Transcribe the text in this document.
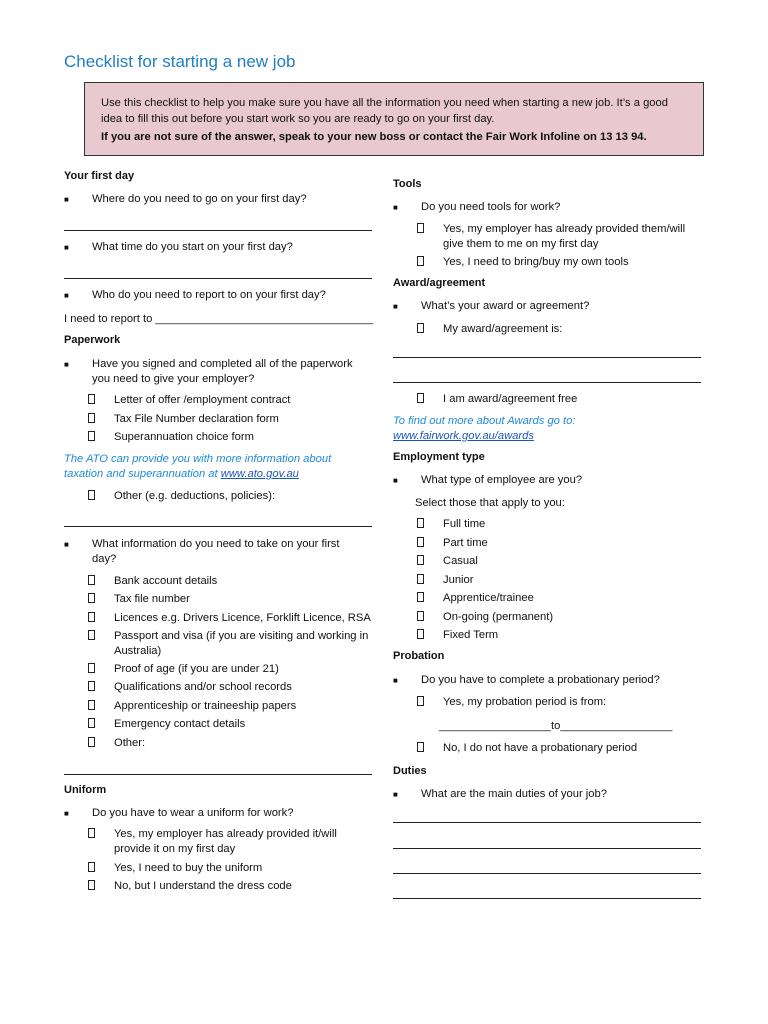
Checklist for starting a new job

Use this checklist to help you make sure you have all the information you need when starting a new job. It’s a good idea to fill this out before you start work so you are ready to go on your first day.

If you are not sure of the answer, speak to your new boss or contact the Fair Work Infoline on 13 13 94.

Your first day
■ Where do you need to go on your first day?
■ What time do you start on your first day?
■ Who do you need to report to on your first day?
I need to report to ___________________________________
Paperwork
■ Have you signed and completed all of the paperwork you need to give your employer?
Letter of offer /employment contract
Tax File Number declaration form
Superannuation choice form
The ATO can provide you with more information about taxation and superannuation at www.ato.gov.au
Other (e.g. deductions, policies):
■ What information do you need to take on your first day?
Bank account details
Tax file number
Licences e.g. Drivers Licence, Forklift Licence, RSA
Passport and visa (if you are visiting and working in Australia)
Proof of age (if you are under 21)
Qualifications and/or school records
Apprenticeship or traineeship papers
Emergency contact details
Other:
Uniform
■ Do you have to wear a uniform for work?
Yes, my employer has already provided it/will provide it on my first day
Yes, I need to buy the uniform
No, but I understand the dress code
Tools
■ Do you need tools for work?
Yes, my employer has already provided them/will give them to me on my first day
Yes, I need to bring/buy my own tools
Award/agreement
■ What’s your award or agreement?
My award/agreement is:
I am award/agreement free
To find out more about Awards go to:
www.fairwork.gov.au/awards
Employment type
■ What type of employee are you?
Select those that apply to you:
Full time
Part time
Casual
Junior
Apprentice/trainee
On-going (permanent)
Fixed Term
Probation
■ Do you have to complete a probationary period?
Yes, my probation period is from:
__________________to__________________
No, I do not have a probationary period
Duties
■ What are the main duties of your job?
